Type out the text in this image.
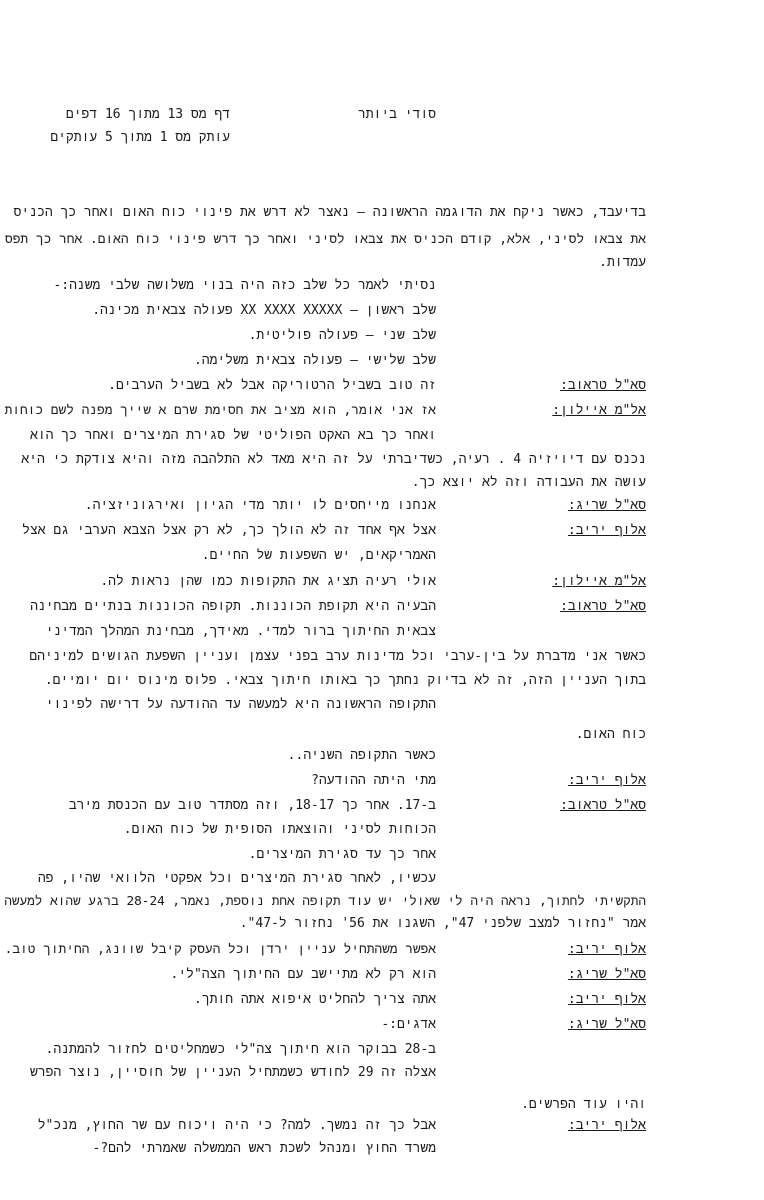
סודי ביותר
דף מס 13 מתוך 16 דפים
עותק מס 1 מתוך 5 עותקים
בדיעבד, כאשר ניקח את הדוגמה הראשונה – נאצר לא דרש את פינוי כוח האום ואחר כך הכניס
את צבאו לסיני, אלא, קודם הכניס את צבאו לסיני ואחר כך דרש פינוי כוח האום. אחר כך תפס
עמדות.
נסיתי לאמר כל שלב כזה היה בנוי משלושה שלבי משנה:-
שלב ראשון – XX XXXX XXXXX פעולה צבאית מכינה.
שלב שני – פעולה פוליטית.
שלב שלישי – פעולה צבאית משלימה.
סא"ל טראוב:
זה טוב בשביל הרטוריקה אבל לא בשביל הערבים.
אל"מ איילון:
אז אני אומר, הוא מציב את חסימת שרם א שייך מפנה לשם כוחות
ואחר כך בא האקט הפוליטי של סגירת המיצרים ואחר כך הוא
נכנס עם דיויזיה 4 . רעיה, כשדיברתי על זה היא מאד לא התלהבה מזה והיא צודקת כי היא
עושה את העבודה וזה לא יוצא כך.
סא"ל שריג:
אנחנו מייחסים לו יותר מדי הגיון ואירגוניזציה.
אלוף יריב:
אצל אף אחד זה לא הולך כך, לא רק אצל הצבא הערבי גם אצל
האמריקאים, יש השפעות של החיים.
אל"מ איילון:
אולי רעיה תציג את התקופות כמו שהן נראות לה.
סא"ל טראוב:
הבעיה היא תקופת הכוננות. תקופה הכוננות בנתיים מבחינה
צבאית החיתוך ברור למדי. מאידך, מבחינת המהלך המדיני
כאשר אני מדברת על בין-ערבי וכל מדינות ערב בפני עצמן ועניין השפעת הגושים למיניהם
בתוך העניין הזה, זה לא בדיוק נחתך כך באותו חיתוך צבאי. פלוס מינוס יום יומיים.
התקופה הראשונה היא למעשה עד ההודעה על דרישה לפינוי
כוח האום.
כאשר התקופה השניה..
אלוף יריב:
מתי היתה ההודעה?
סא"ל טראוב:
ב-17. אחר כך 18-17, וזה מסתדר טוב עם הכנסת מירב
הכוחות לסיני והוצאתו הסופית של כוח האום.
אחר כך עד סגירת המיצרים.
עכשיו, לאחר סגירת המיצרים וכל אפקטי הלוואי שהיו, פה
התקשיתי לחתוך, נראה היה לי שאולי יש עוד תקופה אחת נוספת, נאמר, 28-24 ברגע שהוא למעשה
אמר "נחזור למצב שלפני 47", השגנו את 56' נחזור ל-47".
אלוף יריב:
אפשר משהתחיל עניין ירדן וכל העסק קיבל שוונג, החיתוך טוב.
סא"ל שריג:
הוא רק לא מתיישב עם החיתוך הצה"לי.
אלוף יריב:
אתה צריך להחליט איפוא אתה חותך.
סא"ל שריג:
אדגים:-
ב-28 בבוקר הוא חיתוך צה"לי כשמחליטים לחזור להמתנה.
אצלה זה 29 לחודש כשמתחיל העניין של חוסיין, נוצר הפרש
והיו עוד הפרשים.
אלוף יריב:
אבל כך זה נמשך. למה? כי היה ויכוח עם שר החוץ, מנכ"ל
משרד החוץ ומנהל לשכת ראש הממשלה שאמרתי להם?-
